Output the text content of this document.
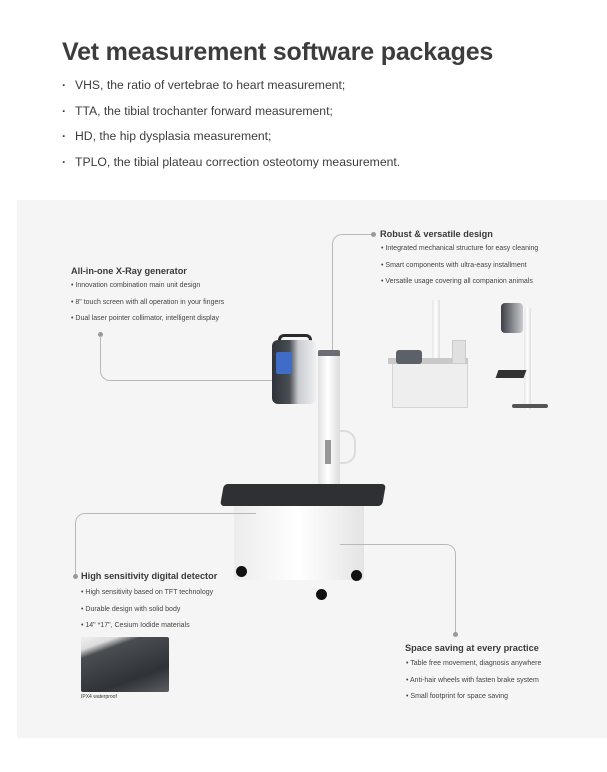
Vet measurement software packages
· VHS, the ratio of vertebrae to heart measurement;
· TTA, the tibial trochanter forward measurement;
· HD, the hip dysplasia measurement;
· TPLO, the tibial plateau correction osteotomy measurement.
Robust & versatile design
• Integrated mechanical structure for easy cleaning
• Smart components with ultra-easy installment
• Versatile usage covering all companion animals
All-in-one X-Ray generator
• Innovation combination main unit design
• 8" touch screen with all operation in your fingers
• Dual laser pointer collimator, intelligent display
High sensitivity digital detector
• High sensitivity based on TFT technology
• Durable design with solid body
• 14" *17", Cesium Iodide materials
IPX4 waterproof
Space saving at every practice
• Table free movement, diagnosis anywhere
• Anti-hair wheels with fasten brake system
• Small footprint for space saving
